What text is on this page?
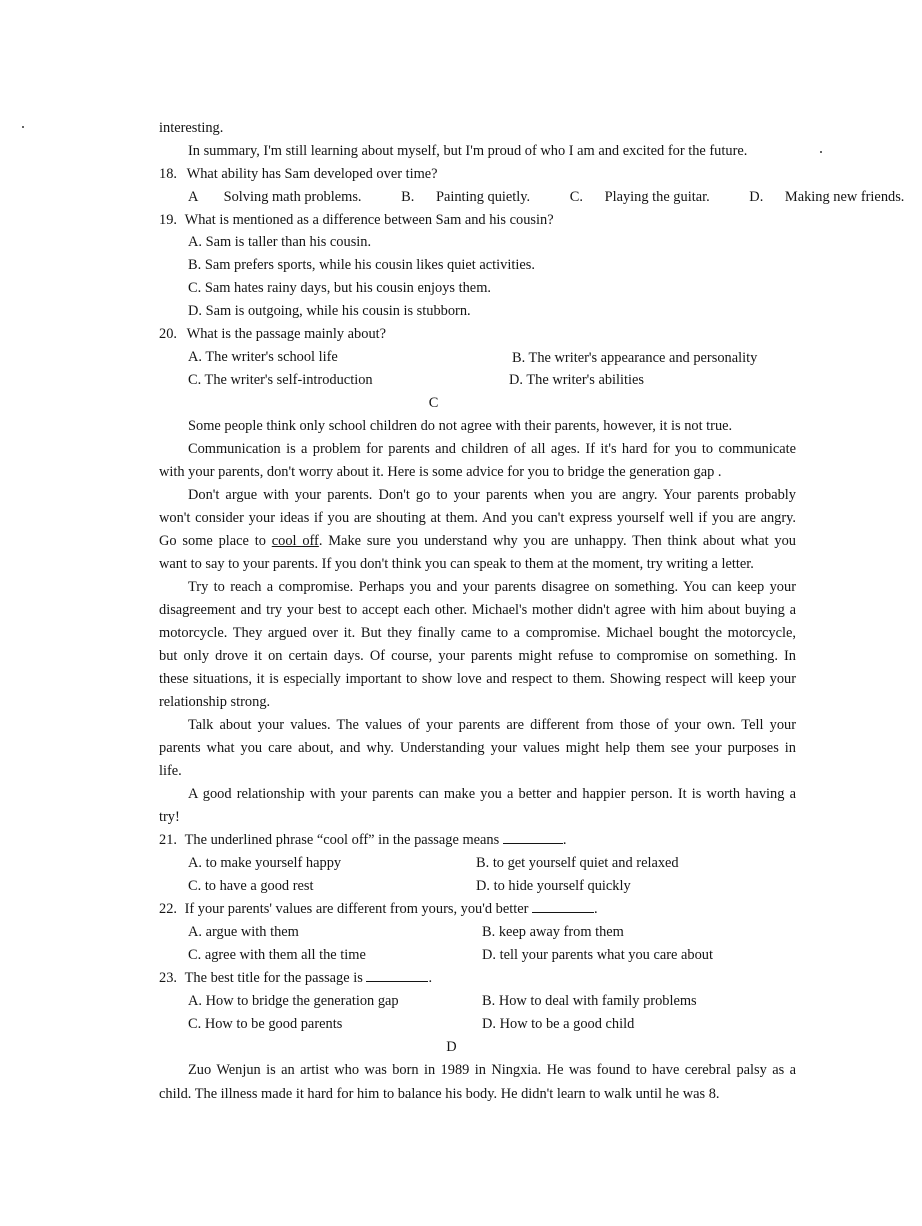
interesting.
In summary, I'm still learning about myself, but I'm proud of who I am and excited for the future.
18. What ability has Sam developed over time?
A Solving math problems.	B. Painting quietly.	C. Playing the guitar.	D. Making new friends.
19. What is mentioned as a difference between Sam and his cousin?
A. Sam is taller than his cousin.
B. Sam prefers sports, while his cousin likes quiet activities.
C. Sam hates rainy days, but his cousin enjoys them.
D. Sam is outgoing, while his cousin is stubborn.
20. What is the passage mainly about?
A. The writer's school life	B. The writer's appearance and personality
C. The writer's self-introduction	D. The writer's abilities
C
Some people think only school children do not agree with their parents, however, it is not true.
Communication is a problem for parents and children of all ages. If it's hard for you to communicate
with your parents, don't worry about it. Here is some advice for you to bridge the generation gap .
Don't argue with your parents. Don't go to your parents when you are angry. Your parents probably
won't consider your ideas if you are shouting at them. And you can't express yourself well if you are angry.
Go some place to cool off. Make sure you understand why you are unhappy. Then think about what you
want to say to your parents. If you don't think you can speak to them at the moment, try writing a letter.
Try to reach a compromise. Perhaps you and your parents disagree on something. You can keep your
disagreement and try your best to accept each other. Michael's mother didn't agree with him about buying a
motorcycle. They argued over it. But they finally came to a compromise. Michael bought the motorcycle,
but only drove it on certain days. Of course, your parents might refuse to compromise on something. In
these situations, it is especially important to show love and respect to them. Showing respect will keep your
relationship strong.
Talk about your values. The values of your parents are different from those of your own. Tell your
parents what you care about, and why. Understanding your values might help them see your purposes in
life.
A good relationship with your parents can make you a better and happier person. It is worth having a
try!
21. The underlined phrase “cool off” in the passage means	.
A. to make yourself happy	B. to get yourself quiet and relaxed
C. to have a good rest	D. to hide yourself quickly
22. If your parents' values are different from yours, you'd better	.
A. argue with them	B. keep away from them
C. agree with them all the time	D. tell your parents what you care about
23. The best title for the passage is	.
A. How to bridge the generation gap	B. How to deal with family problems
C. How to be good parents	D. How to be a good child
D
Zuo Wenjun is an artist who was born in 1989 in Ningxia. He was found to have cerebral palsy as a
child. The illness made it hard for him to balance his body. He didn't learn to walk until he was 8.
